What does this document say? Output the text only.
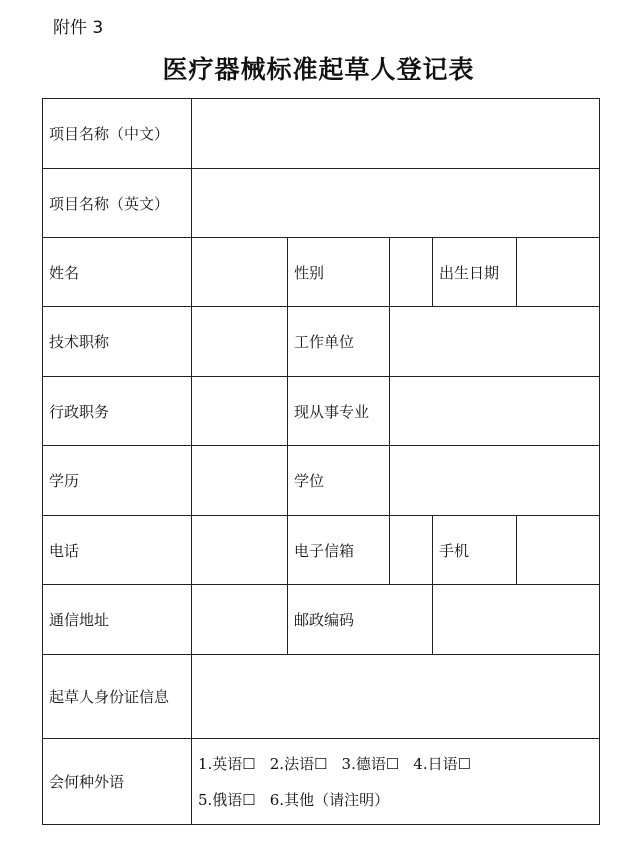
附件 3
医疗器械标准起草人登记表
项目名称（中文）					
项目名称（英文）					
姓名		性别		出生日期	
技术职称		工作单位			
行政职务		现从事专业			
学历		学位			
电话		电子信箱		手机	
通信地址		邮政编码			
起草人身份证信息					
会何种外语	1.英语☐ 2.法语☐ 3.德语☐ 4.日语☐
5.俄语☐ 6.其他（请注明）				
